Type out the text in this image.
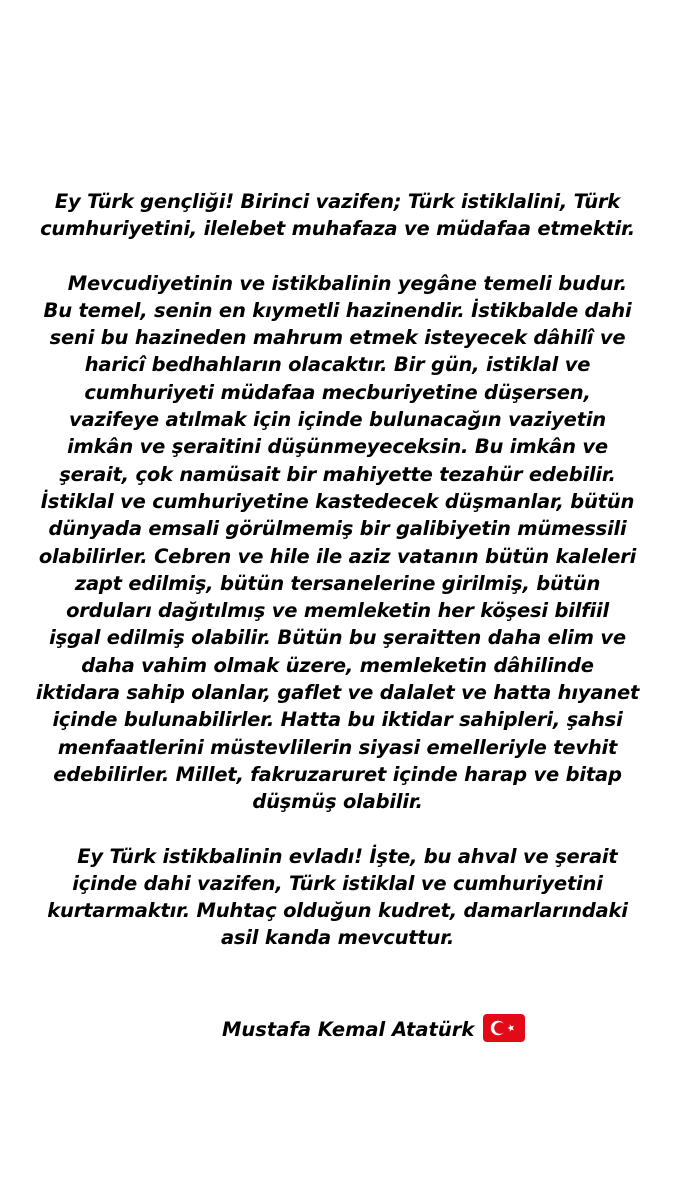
Ey Türk gençliği! Birinci vazifen; Türk istiklalini, Türk
cumhuriyetini, ilelebet muhafaza ve müdafaa etmektir.
Mevcudiyetinin ve istikbalinin yegâne temeli budur.
Bu temel, senin en kıymetli hazinendir. İstikbalde dahi
seni bu hazineden mahrum etmek isteyecek dâhilî ve
haricî bedhahların olacaktır. Bir gün, istiklal ve
cumhuriyeti müdafaa mecburiyetine düşersen,
vazifeye atılmak için içinde bulunacağın vaziyetin
imkân ve şeraitini düşünmeyeceksin. Bu imkân ve
şerait, çok namüsait bir mahiyette tezahür edebilir.
İstiklal ve cumhuriyetine kastedecek düşmanlar, bütün
dünyada emsali görülmemiş bir galibiyetin mümessili
olabilirler. Cebren ve hile ile aziz vatanın bütün kaleleri
zapt edilmiş, bütün tersanelerine girilmiş, bütün
orduları dağıtılmış ve memleketin her köşesi bilfiil
işgal edilmiş olabilir. Bütün bu şeraitten daha elim ve
daha vahim olmak üzere, memleketin dâhilinde
iktidara sahip olanlar, gaflet ve dalalet ve hatta hıyanet
içinde bulunabilirler. Hatta bu iktidar sahipleri, şahsi
menfaatlerini müstevlilerin siyasi emelleriyle tevhit
edebilirler. Millet, fakruzaruret içinde harap ve bitap
düşmüş olabilir.
Ey Türk istikbalinin evladı! İşte, bu ahval ve şerait
içinde dahi vazifen, Türk istiklal ve cumhuriyetini
kurtarmaktır. Muhtaç olduğun kudret, damarlarındaki
asil kanda mevcuttur.
Mustafa Kemal Atatürk
